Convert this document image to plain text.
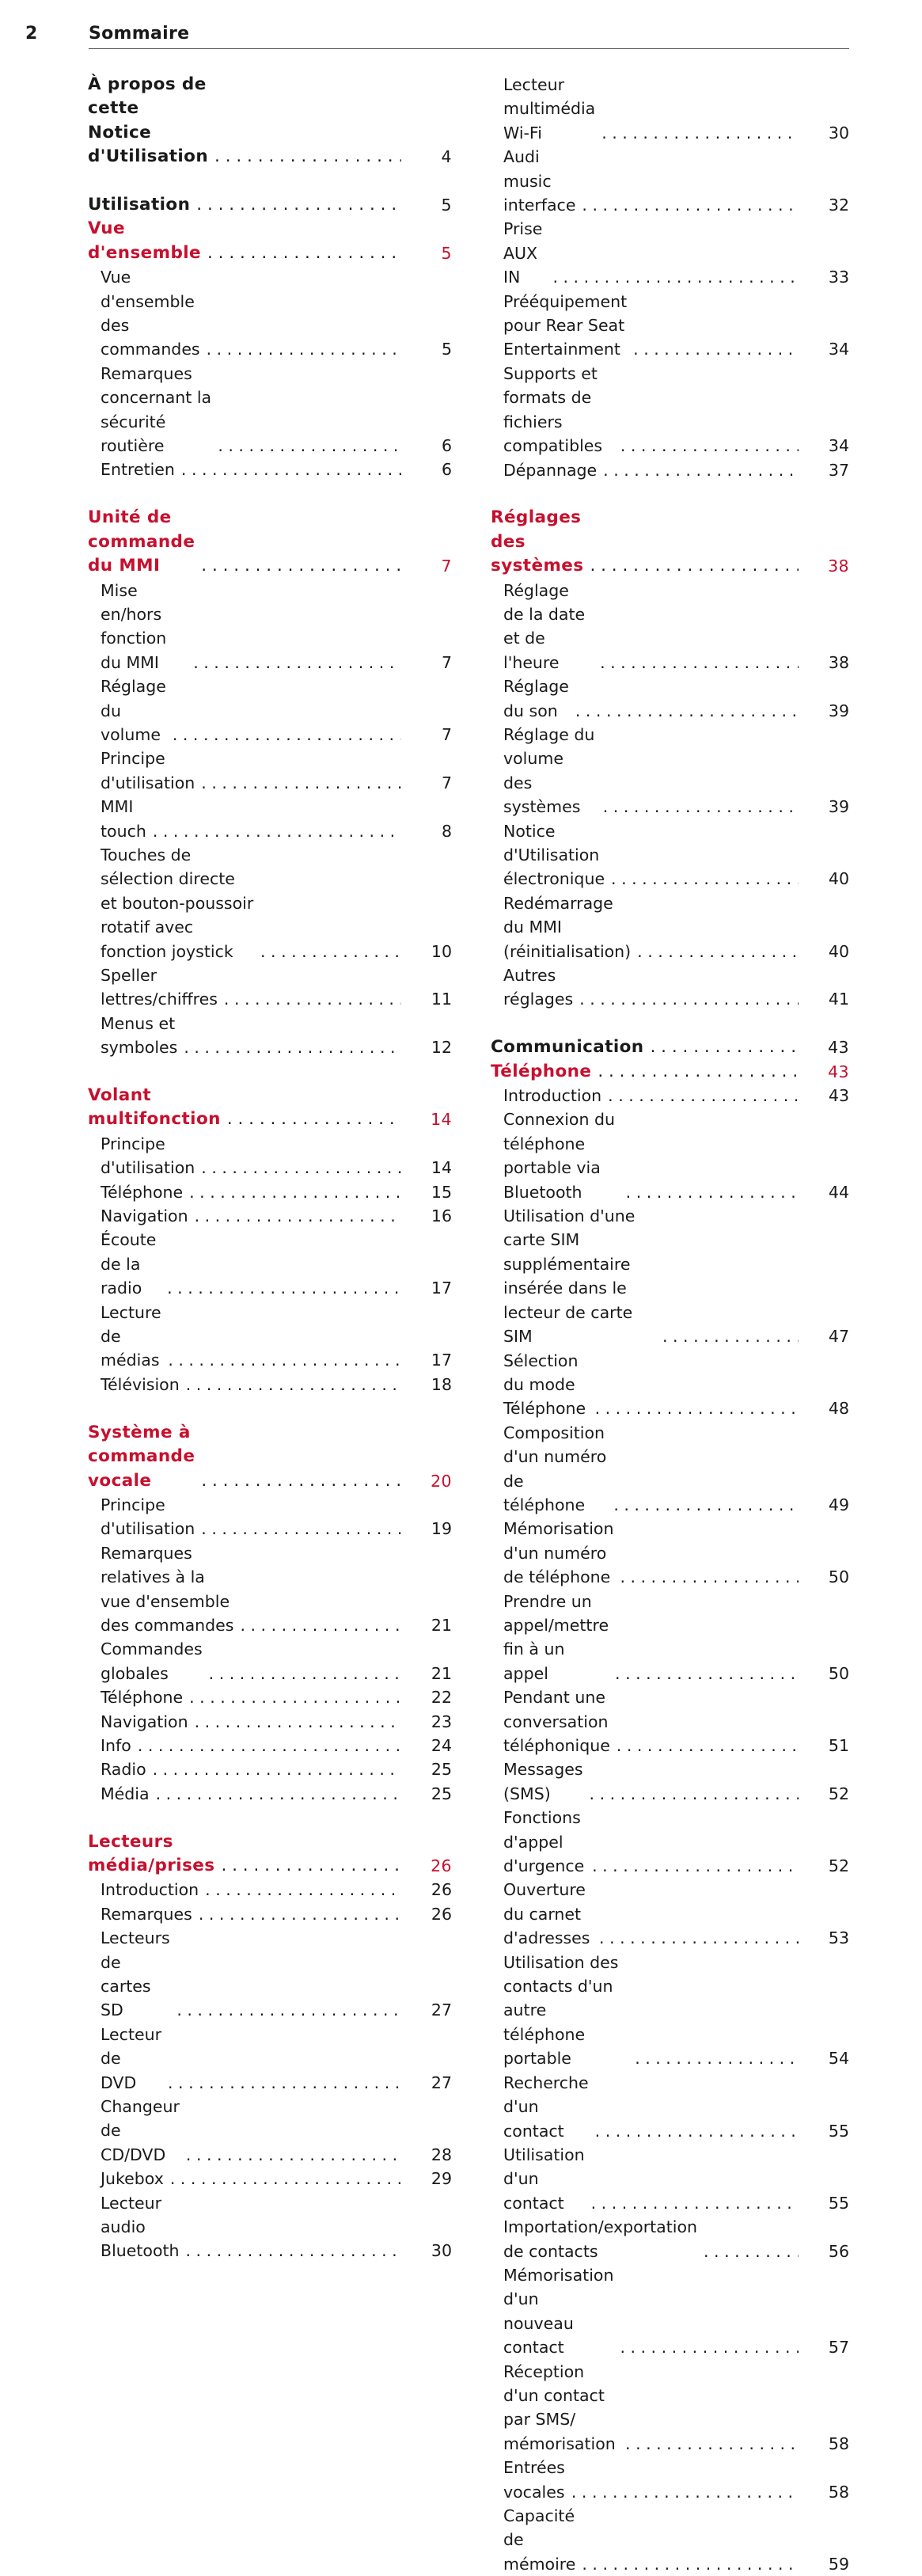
2	Sommaire
À propos de cette Notice d'Utilisation . . .	4
Utilisation . . .	5
Vue d'ensemble . . .	5
Vue d'ensemble des commandes . . .	5
Remarques concernant la sécurité routière . . .	6
Entretien . . .	6
Unité de commande du MMI . . .	7
Mise en/hors fonction du MMI . . .	7
Réglage du volume . . .	7
Principe d'utilisation . . .	7
MMI touch . . .	8
Touches de sélection directe et bouton-poussoir rotatif avec fonction joystick . . .	10
Speller lettres/chiffres . . .	11
Menus et symboles . . .	12
Volant multifonction . . .	14
Principe d'utilisation . . .	14
Téléphone . . .	15
Navigation . . .	16
Écoute de la radio . . .	17
Lecture de médias . . .	17
Télévision . . .	18
Système à commande vocale . . .	20
Principe d'utilisation . . .	19
Remarques relatives à la vue d'ensemble des commandes . . .	21
Commandes globales . . .	21
Téléphone . . .	22
Navigation . . .	23
Info . . .	24
Radio . . .	25
Média . . .	25
Lecteurs média/prises . . .	26
Introduction . . .	26
Remarques . . .	26
Lecteurs de cartes SD . . .	27
Lecteur de DVD . . .	27
Changeur de CD/DVD . . .	28
Jukebox . . .	29
Lecteur audio Bluetooth . . .	30
Lecteur multimédia Wi-Fi . . .	30
Audi music interface . . .	32
Prise AUX IN . . .	33
Prééquipement pour Rear Seat Entertainment . . .	34
Supports et formats de fichiers compatibles . . .	34
Dépannage . . .	37
Réglages des systèmes . . .	38
Réglage de la date et de l'heure . . .	38
Réglage du son . . .	39
Réglage du volume des systèmes . . .	39
Notice d'Utilisation électronique . . .	40
Redémarrage du MMI (réinitialisation) . . .	40
Autres réglages . . .	41
Communication . . .	43
Téléphone . . .	43
Introduction . . .	43
Connexion du téléphone portable via Bluetooth . . .	44
Utilisation d'une carte SIM supplémentaire insérée dans le lecteur de carte SIM . . .	47
Sélection du mode Téléphone . . .	48
Composition d'un numéro de téléphone . . .	49
Mémorisation d'un numéro de téléphone . . .	50
Prendre un appel/mettre fin à un appel . . .	50
Pendant une conversation téléphonique . . .	51
Messages (SMS) . . .	52
Fonctions d'appel d'urgence . . .	52
Ouverture du carnet d'adresses . . .	53
Utilisation des contacts d'un autre téléphone portable . . .	54
Recherche d'un contact . . .	55
Utilisation d'un contact . . .	55
Importation/exportation de contacts . . .	56
Mémorisation d'un nouveau contact . . .	57
Réception d'un contact par SMS/ mémorisation . . .	58
Entrées vocales . . .	58
Capacité de mémoire . . .	59
